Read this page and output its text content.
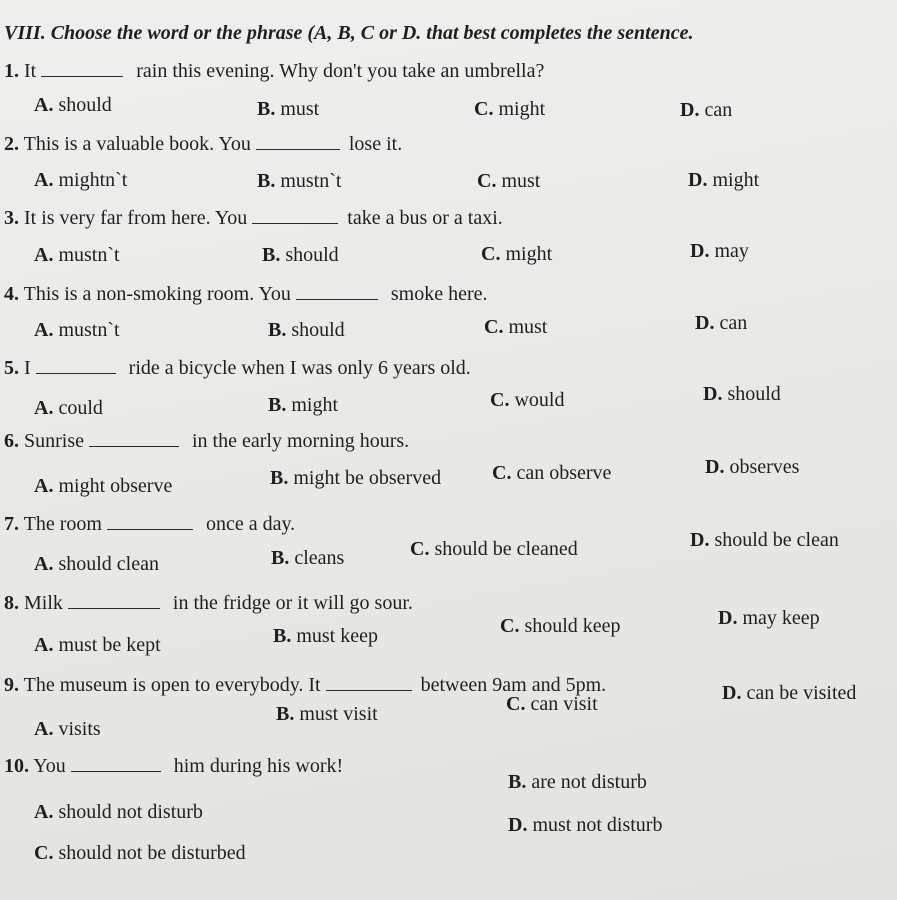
VIII. Choose the word or the phrase (A, B, C or D. that best completes the sentence.
1. It	rain this evening. Why don't you take an umbrella?
A. should	B. must	C. might	D. can
2. This is a valuable book. You	lose it.
A. mightn`t	B. mustn`t	C. must	D. might
3. It is very far from here. You	take a bus or a taxi.
A. mustn`t	B. should	C. might	D. may
4. This is a non-smoking room. You	smoke here.
A. mustn`t	B. should	C. must	D. can
5. I	ride a bicycle when I was only 6 years old.
A. could	B. might	C. would	D. should
6. Sunrise	in the early morning hours.
A. might observe	B. might be observed	C. can observe	D. observes
7. The room	once a day.
A. should clean	B. cleans	C. should be cleaned	D. should be clean
8. Milk	in the fridge or it will go sour.
A. must be kept	B. must keep	C. should keep	D. may keep
9. The museum is open to everybody. It	between 9am and 5pm.
A. visits
B. must visit	C. can visit	D. can be visited
10. You	him during his work!
A. should not disturb
B. are not disturb
C. should not be disturbed
D. must not disturb
